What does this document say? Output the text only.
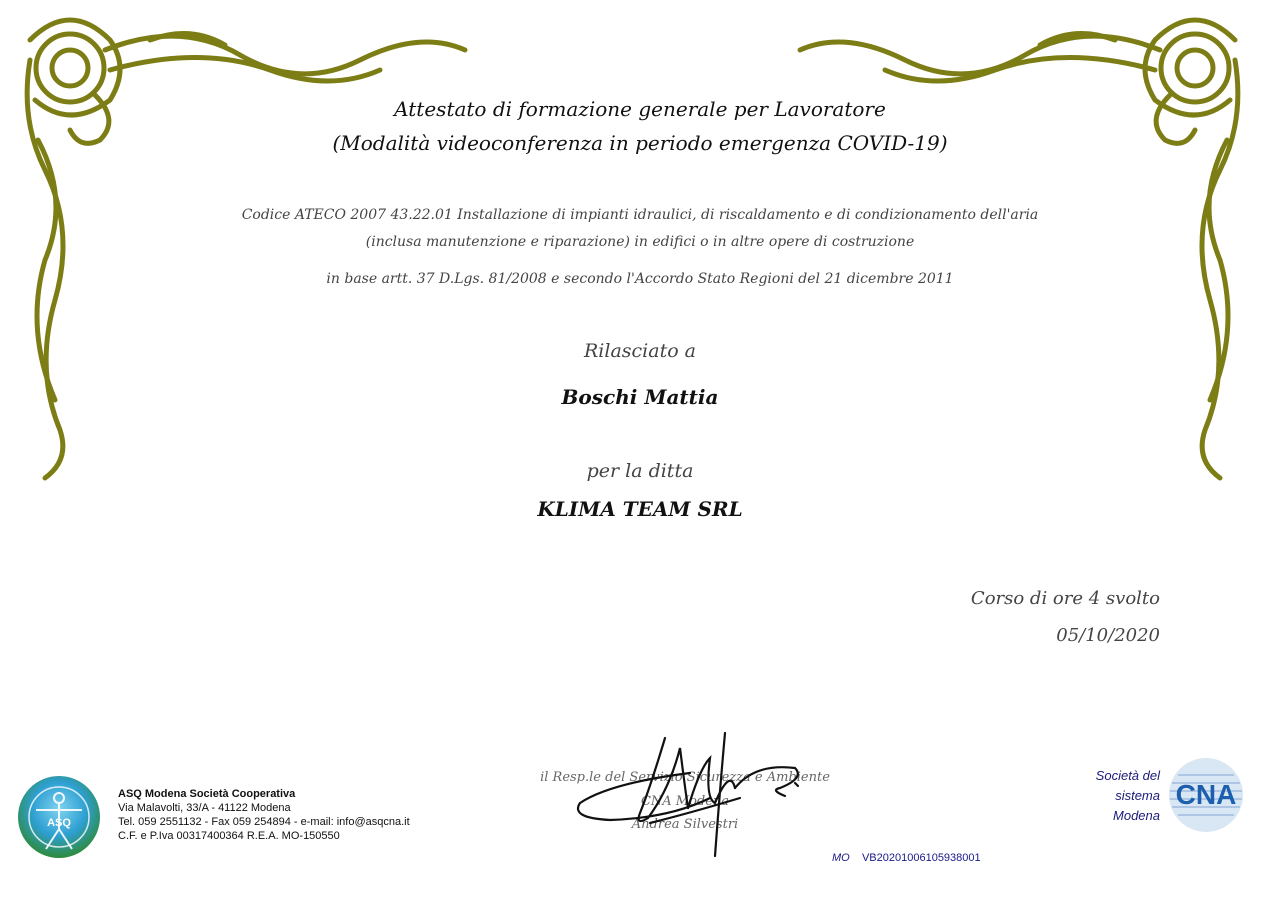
Attestato di formazione generale per Lavoratore
(Modalità videoconferenza in periodo emergenza COVID-19)
Codice ATECO 2007 43.22.01 Installazione di impianti idraulici, di riscaldamento e di condizionamento dell'aria
(inclusa manutenzione e riparazione) in edifici o in altre opere di costruzione
in base artt. 37 D.Lgs. 81/2008 e secondo l'Accordo Stato Regioni del 21 dicembre 2011
Rilasciato a
Boschi Mattia
per la ditta
KLIMA TEAM SRL
Corso di ore 4 svolto
05/10/2020
ASQ
ASQ Modena Società Cooperativa
Via Malavolti, 33/A - 41122 Modena
Tel. 059 2551132 - Fax 059 254894 - e-mail: info@asqcna.it
C.F. e P.Iva 00317400364 R.E.A. MO-150550
il Resp.le del Servizio Sicurezza e Ambiente
CNA Modena
Andrea Silvestri
MO VB20201006105938001
Società del
sistema
Modena
CNA
